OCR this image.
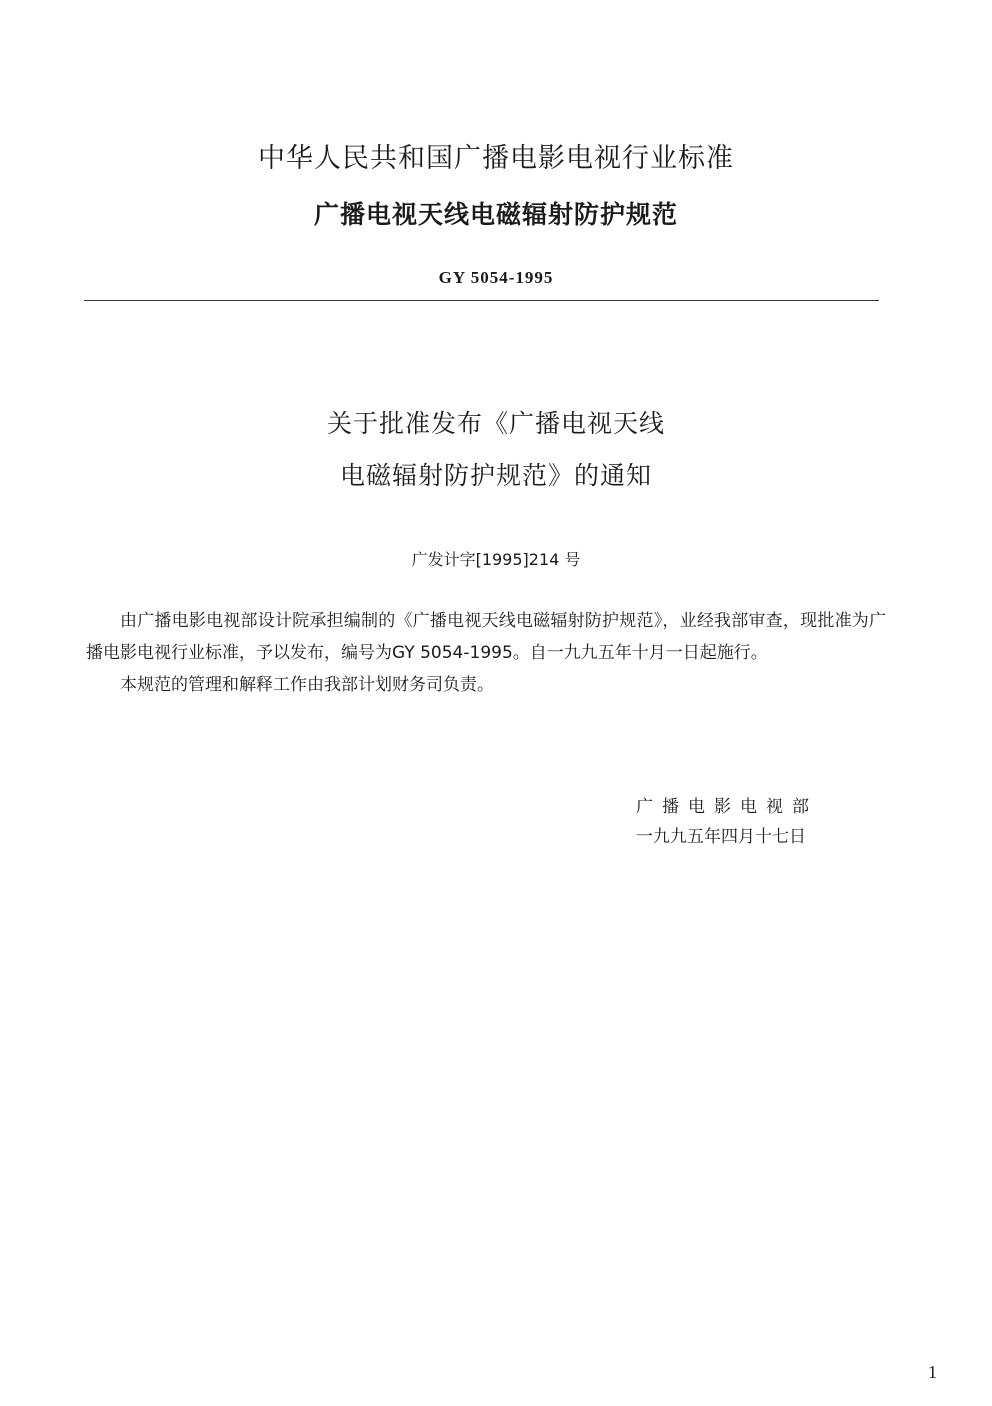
中华人民共和国广播电影电视行业标准
广播电视天线电磁辐射防护规范
GY 5054-1995
关于批准发布《广播电视天线
电磁辐射防护规范》的通知
广发计字[1995]214 号

由广播电影电视部设计院承担编制的《广播电视天线电磁辐射防护规范》，业经我部审查，现批准为广播电影电视行业标准，予以发布，编号为GY 5054-1995。自一九九五年十月一日起施行。

本规范的管理和解释工作由我部计划财务司负责。

广播电影电视部
一九九五年四月十七日
1
